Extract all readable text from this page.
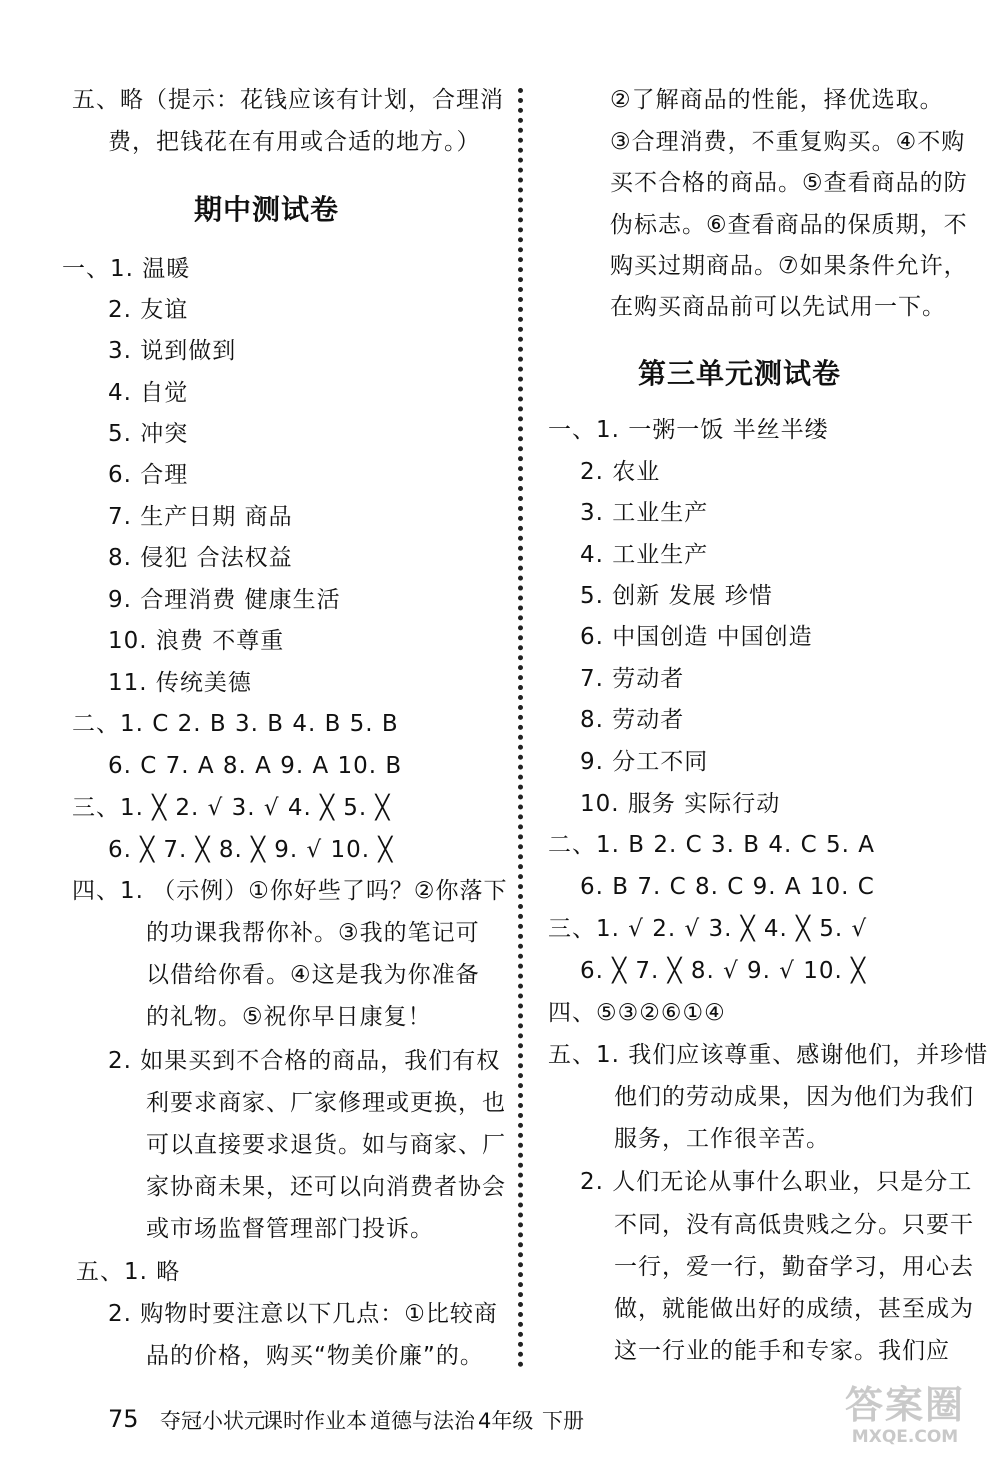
五、略（提示：花钱应该有计划，合理消
费，把钱花在有用或合适的地方。）
期中测试卷
一、1. 温暖
2. 友谊
3. 说到做到
4. 自觉
5. 冲突
6. 合理
7. 生产日期 商品
8. 侵犯 合法权益
9. 合理消费 健康生活
10. 浪费 不尊重
11. 传统美德
二、1. C 2. B 3. B 4. B 5. B
6. C 7. A 8. A 9. A 10. B
三、1. ╳ 2. √ 3. √ 4. ╳ 5. ╳
6. ╳ 7. ╳ 8. ╳ 9. √ 10. ╳
四、1. （示例）①你好些了吗？②你落下
的功课我帮你补。③我的笔记可
以借给你看。④这是我为你准备
的礼物。⑤祝你早日康复！
2. 如果买到不合格的商品，我们有权
利要求商家、厂家修理或更换，也
可以直接要求退货。如与商家、厂
家协商未果，还可以向消费者协会
或市场监督管理部门投诉。
五、1. 略
2. 购物时要注意以下几点：①比较商
品的价格，购买“物美价廉”的。
②了解商品的性能，择优选取。
③合理消费，不重复购买。④不购
买不合格的商品。⑤查看商品的防
伪标志。⑥查看商品的保质期，不
购买过期商品。⑦如果条件允许，
在购买商品前可以先试用一下。
第三单元测试卷
一、1. 一粥一饭 半丝半缕
2. 农业
3. 工业生产
4. 工业生产
5. 创新 发展 珍惜
6. 中国创造 中国创造
7. 劳动者
8. 劳动者
9. 分工不同
10. 服务 实际行动
二、1. B 2. C 3. B 4. C 5. A
6. B 7. C 8. C 9. A 10. C
三、1. √ 2. √ 3. ╳ 4. ╳ 5. √
6. ╳ 7. ╳ 8. √ 9. √ 10. ╳
四、⑤③②⑥①④
五、1. 我们应该尊重、感谢他们，并珍惜
他们的劳动成果，因为他们为我们
服务，工作很辛苦。
2. 人们无论从事什么职业，只是分工
不同，没有高低贵贱之分。只要干
一行，爱一行，勤奋学习，用心去
做，就能做出好的成绩，甚至成为
这一行业的能手和专家。我们应
75 夺冠小状元
课时作业本 道德与法治 4年级 下册	答案圈
MXQE.COM
